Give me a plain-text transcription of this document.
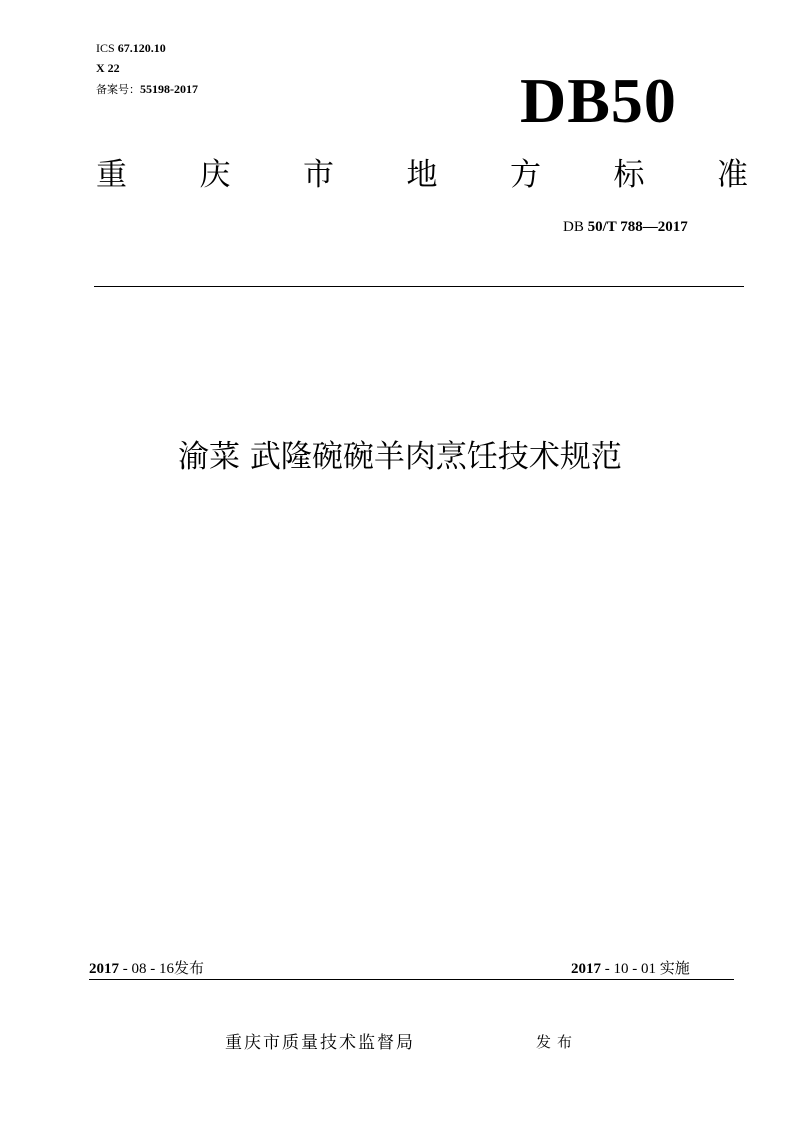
ICS 67.120.10
X 22
备案号：55198-2017	DB50
重 庆 市 地 方 标 准
DB 50/T 788—2017
渝菜 武隆碗碗羊肉烹饪技术规范
2017 - 08 - 16发布	2017 - 10 - 01 实施
重庆市质量技术监督局	发布
